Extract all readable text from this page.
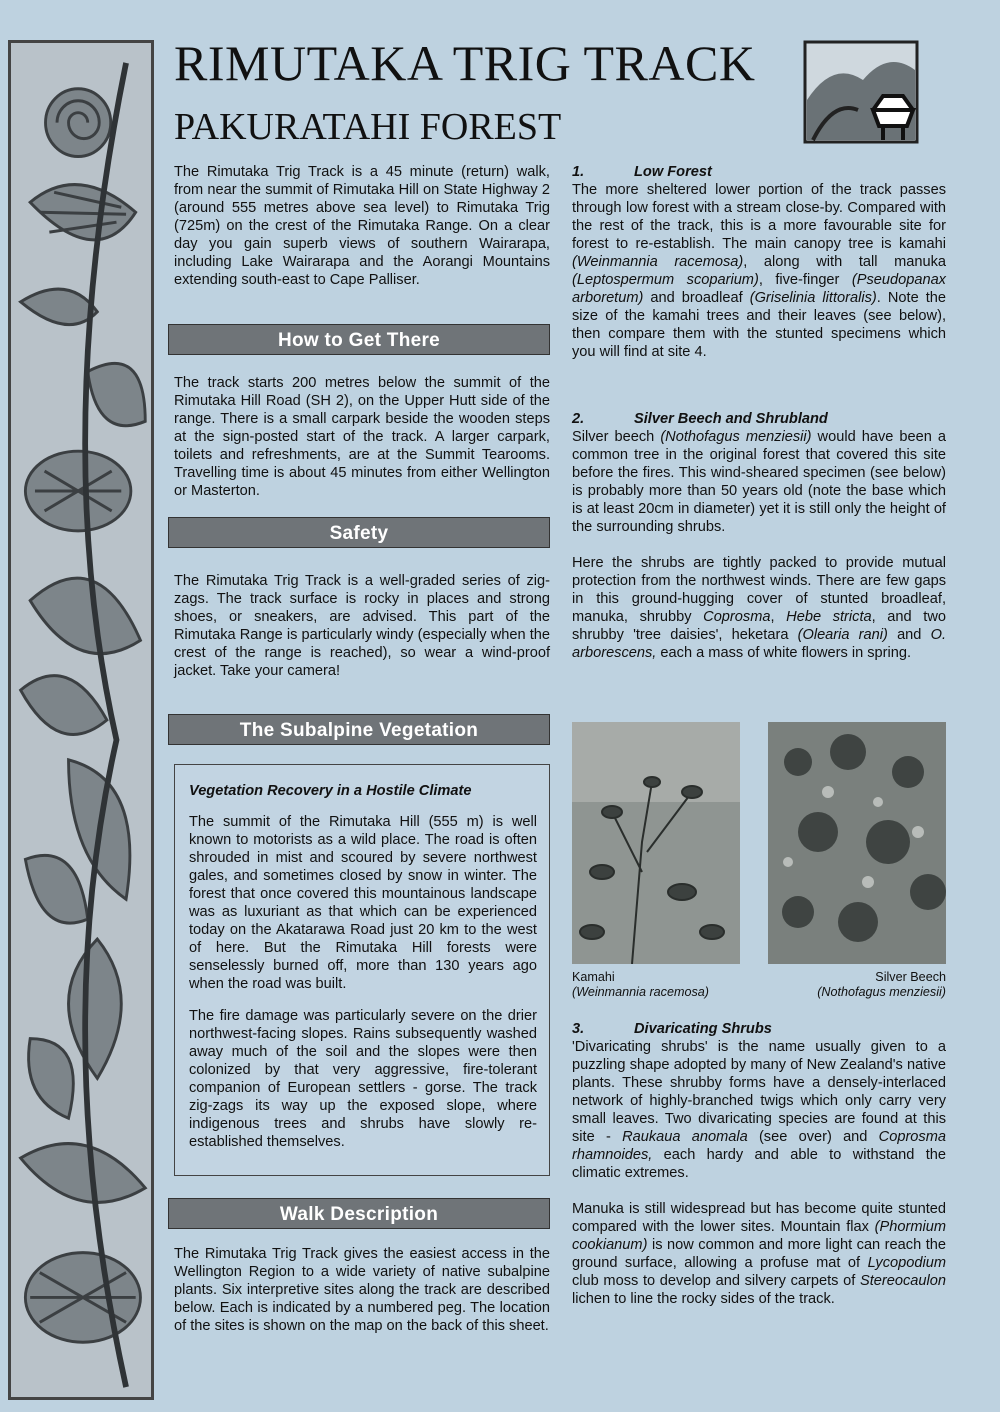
RIMUTAKA TRIG TRACK
PAKURATAHI FOREST

The Rimutaka Trig Track is a 45 minute (return) walk, from near the summit of Rimutaka Hill on State Highway 2 (around 555 metres above sea level) to Rimutaka Trig (725m) on the crest of the Rimutaka Range. On a clear day you gain superb views of southern Wairarapa, including Lake Wairarapa and the Aorangi Mountains extending south-east to Cape Palliser.

How to Get There

The track starts 200 metres below the summit of the Rimutaka Hill Road (SH 2), on the Upper Hutt side of the range. There is a small carpark beside the wooden steps at the sign-posted start of the track. A larger carpark, toilets and refreshments, are at the Summit Tearooms. Travelling time is about 45 minutes from either Wellington or Masterton.

Safety

The Rimutaka Trig Track is a well-graded series of zig-zags. The track surface is rocky in places and strong shoes, or sneakers, are advised. This part of the Rimutaka Range is particularly windy (especially when the crest of the range is reached), so wear a wind-proof jacket. Take your camera!

The Subalpine Vegetation
Vegetation Recovery in a Hostile Climate

The summit of the Rimutaka Hill (555 m) is well known to motorists as a wild place. The road is often shrouded in mist and scoured by severe northwest gales, and sometimes closed by snow in winter. The forest that once covered this mountainous landscape was as luxuriant as that which can be experienced today on the Akatarawa Road just 20 km to the west of here. But the Rimutaka Hill forests were senselessly burned off, more than 130 years ago when the road was built.

The fire damage was particularly severe on the drier northwest-facing slopes. Rains subsequently washed away much of the soil and the slopes were then colonized by that very aggressive, fire-tolerant companion of European settlers - gorse. The track zig-zags its way up the exposed slope, where indigenous trees and shrubs have slowly re-established themselves.

Walk Description

The Rimutaka Trig Track gives the easiest access in the Wellington Region to a wide variety of native subalpine plants. Six interpretive sites along the track are described below. Each is indicated by a numbered peg. The location of the sites is shown on the map on the back of this sheet.

1.	Low Forest

The more sheltered lower portion of the track passes through low forest with a stream close-by. Compared with the rest of the track, this is a more favourable site for forest to re-establish. The main canopy tree is kamahi (Weinmannia racemosa), along with tall manuka (Leptospermum scoparium), five-finger (Pseudopanax arboretum) and broadleaf (Griselinia littoralis). Note the size of the kamahi trees and their leaves (see below), then compare them with the stunted specimens which you will find at site 4.

2.	Silver Beech and Shrubland

Silver beech (Nothofagus menziesii) would have been a common tree in the original forest that covered this site before the fires. This wind-sheared specimen (see below) is probably more than 50 years old (note the base which is at least 20cm in diameter) yet it is still only the height of the surrounding shrubs.

Here the shrubs are tightly packed to provide mutual protection from the northwest winds. There are few gaps in this ground-hugging cover of stunted broadleaf, manuka, shrubby Coprosma, Hebe stricta, and two shrubby 'tree daisies', heketara (Olearia rani) and O. arborescens, each a mass of white flowers in spring.

Kamahi
(Weinmannia racemosa)
Silver Beech
(Nothofagus menziesii)
3.	Divaricating Shrubs

'Divaricating shrubs' is the name usually given to a puzzling shape adopted by many of New Zealand's native plants. These shrubby forms have a densely-interlaced network of highly-branched twigs which only carry very small leaves. Two divaricating species are found at this site - Raukaua anomala (see over) and Coprosma rhamnoides, each hardy and able to withstand the climatic extremes.

Manuka is still widespread but has become quite stunted compared with the lower sites. Mountain flax (Phormium cookianum) is now common and more light can reach the ground surface, allowing a profuse mat of Lycopodium club moss to develop and silvery carpets of Stereocaulon lichen to line the rocky sides of the track.
